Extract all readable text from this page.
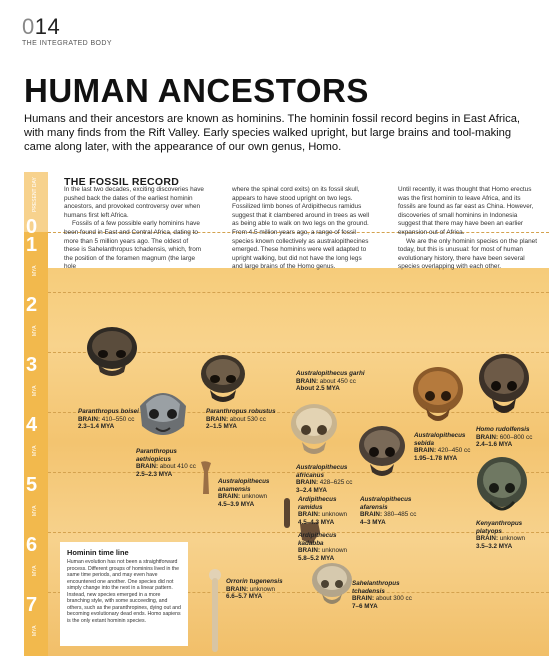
014
THE INTEGRATED BODY
HUMAN ANCESTORS
Humans and their ancestors are known as hominins. The hominin fossil record begins in East Africa, with many finds from the Rift Valley. Early species walked upright, but large brains and tool-making came along later, with the appearance of our own genus, Homo.
0
PRESENT DAY
1
MYA
2
MYA
3
MYA
4
MYA
5
MYA
6
MYA
7
MYA
THE FOSSIL RECORD

In the last two decades, exciting discoveries have pushed back the dates of the earliest hominin ancestors, and provoked controversy over when humans first left Africa.

Fossils of a few possible early hominins have been found in East and Central Africa, dating to more than 5 million years ago. The oldest of these is Sahelanthropus tchadensis, which, from the position of the foramen magnum (the large hole

where the spinal cord exits) on its fossil skull, appears to have stood upright on two legs. Fossilized limb bones of Ardipithecus ramidus suggest that it clambered around in trees as well as being able to walk on two legs on the ground. From 4.5 million years ago, a range of fossil species known collectively as australopithecines emerged. These hominins were well adapted to upright walking, but did not have the long legs and large brains of the Homo genus.

Until recently, it was thought that Homo erectus was the first hominin to leave Africa, and its fossils are found as far east as China. However, discoveries of small hominins in Indonesia suggest that there may have been an earlier expansion out of Africa.

We are the only hominin species on the planet today, but this is unusual: for most of human evolutionary history, there have been several species overlapping with each other.

Paranthropus boisei
BRAIN: 410–550 cc
2.3–1.4 MYA
Paranthropus aethiopicus
BRAIN: about 410 cc
2.5–2.3 MYA
Paranthropus robustus
BRAIN: about 530 cc
2–1.5 MYA
Australopithecus garhi
BRAIN: about 450 cc
About 2.5 MYA
Australopithecus anamensis
BRAIN: unknown
4.5–3.9 MYA
Australopithecus africanus
BRAIN: 428–625 cc
3–2.4 MYA
Ardipithecus ramidus
BRAIN: unknown
4.5–4.3 MYA
Australopithecus afarensis
BRAIN: 380–485 cc
4–3 MYA
Australopithecus sebida
BRAIN: 420–450 cc
1.95–1.78 MYA
Homo rudolfensis
BRAIN: 600–800 cc
2.4–1.6 MYA
Ardipithecus kadabba
BRAIN: unknown
5.8–5.2 MYA
Kenyanthropus platyops
BRAIN: unknown
3.5–3.2 MYA
Orrorin tugenensis
BRAIN: unknown
6.6–5.7 MYA
Sahelanthropus tchadensis
BRAIN: about 300 cc
7–6 MYA
Hominin time line
Human evolution has not been a straightforward process. Different groups of hominins lived in the same time periods, and may even have encountered one another. One species did not simply change into the next in a linear pattern. Instead, new species emerged in a more branching style, with some succeeding, and others, such as the paranthropines, dying out and becoming evolutionary dead ends. Homo sapiens is the only extant hominin species.
